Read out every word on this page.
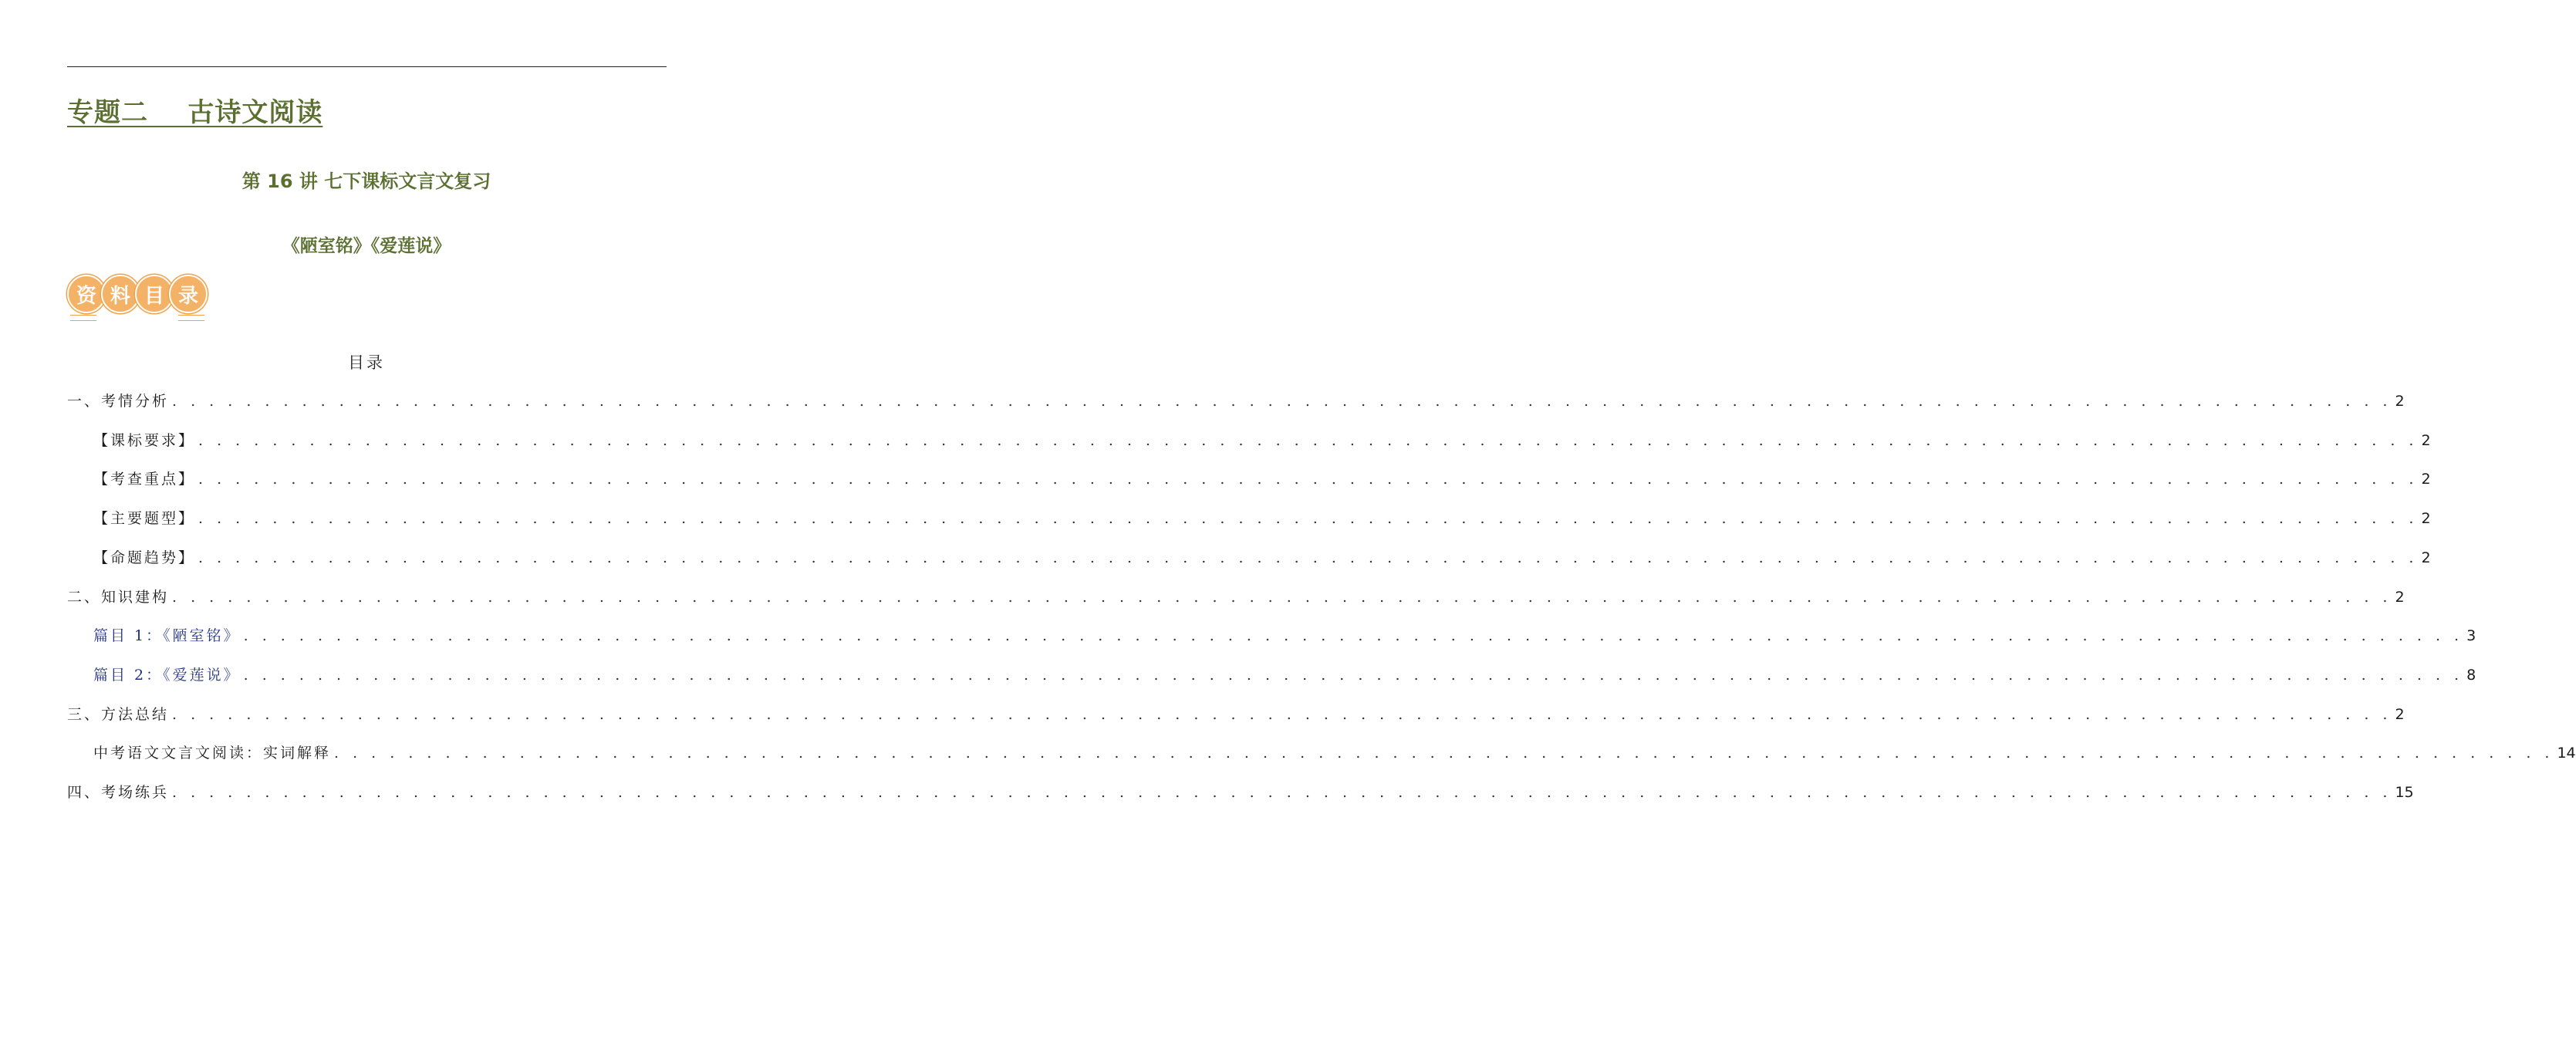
专题二    古诗文阅读
第 16 讲 七下课标文言文复习
《陋室铭》《爱莲说》
资 料 目 录
目录
一、考情分析 . . . . . . . . . . . . . . . . . . . . . . . . . . . . . . . . . . . . . . . . . . . . . . . . . . . . . . . . . . . . . . . . . . . . . . . . . . . . . . . . . . . . . . . . . . . . . . . . . . . . . . . . . . . . . . . . . . . . . . . . 2
【课标要求】 . . . . . . . . . . . . . . . . . . . . . . . . . . . . . . . . . . . . . . . . . . . . . . . . . . . . . . . . . . . . . . . . . . . . . . . . . . . . . . . . . . . . . . . . . . . . . . . . . . . . . . . . . . . . . . . . . . . . . . . . 2
【考查重点】 . . . . . . . . . . . . . . . . . . . . . . . . . . . . . . . . . . . . . . . . . . . . . . . . . . . . . . . . . . . . . . . . . . . . . . . . . . . . . . . . . . . . . . . . . . . . . . . . . . . . . . . . . . . . . . . . . . . . . . . . 2
【主要题型】 . . . . . . . . . . . . . . . . . . . . . . . . . . . . . . . . . . . . . . . . . . . . . . . . . . . . . . . . . . . . . . . . . . . . . . . . . . . . . . . . . . . . . . . . . . . . . . . . . . . . . . . . . . . . . . . . . . . . . . . . 2
【命题趋势】 . . . . . . . . . . . . . . . . . . . . . . . . . . . . . . . . . . . . . . . . . . . . . . . . . . . . . . . . . . . . . . . . . . . . . . . . . . . . . . . . . . . . . . . . . . . . . . . . . . . . . . . . . . . . . . . . . . . . . . . . 2
二、知识建构 . . . . . . . . . . . . . . . . . . . . . . . . . . . . . . . . . . . . . . . . . . . . . . . . . . . . . . . . . . . . . . . . . . . . . . . . . . . . . . . . . . . . . . . . . . . . . . . . . . . . . . . . . . . . . . . . . . . . . . . . 2
篇目 1：《陋室铭》 . . . . . . . . . . . . . . . . . . . . . . . . . . . . . . . . . . . . . . . . . . . . . . . . . . . . . . . . . . . . . . . . . . . . . . . . . . . . . . . . . . . . . . . . . . . . . . . . . . . . . . . . . . . . . . . . . . . . . . . . 3
篇目 2：《爱莲说》 . . . . . . . . . . . . . . . . . . . . . . . . . . . . . . . . . . . . . . . . . . . . . . . . . . . . . . . . . . . . . . . . . . . . . . . . . . . . . . . . . . . . . . . . . . . . . . . . . . . . . . . . . . . . . . . . . . . . . . . . 8
三、方法总结 . . . . . . . . . . . . . . . . . . . . . . . . . . . . . . . . . . . . . . . . . . . . . . . . . . . . . . . . . . . . . . . . . . . . . . . . . . . . . . . . . . . . . . . . . . . . . . . . . . . . . . . . . . . . . . . . . . . . . . . . 2
中考语文文言文阅读：实词解释 . . . . . . . . . . . . . . . . . . . . . . . . . . . . . . . . . . . . . . . . . . . . . . . . . . . . . . . . . . . . . . . . . . . . . . . . . . . . . . . . . . . . . . . . . . . . . . . . . . . . . . . . . . . . . . . . . . . . . . . . 14
四、考场练兵 . . . . . . . . . . . . . . . . . . . . . . . . . . . . . . . . . . . . . . . . . . . . . . . . . . . . . . . . . . . . . . . . . . . . . . . . . . . . . . . . . . . . . . . . . . . . . . . . . . . . . . . . . . . . . . . . . . . . . . . . 15
